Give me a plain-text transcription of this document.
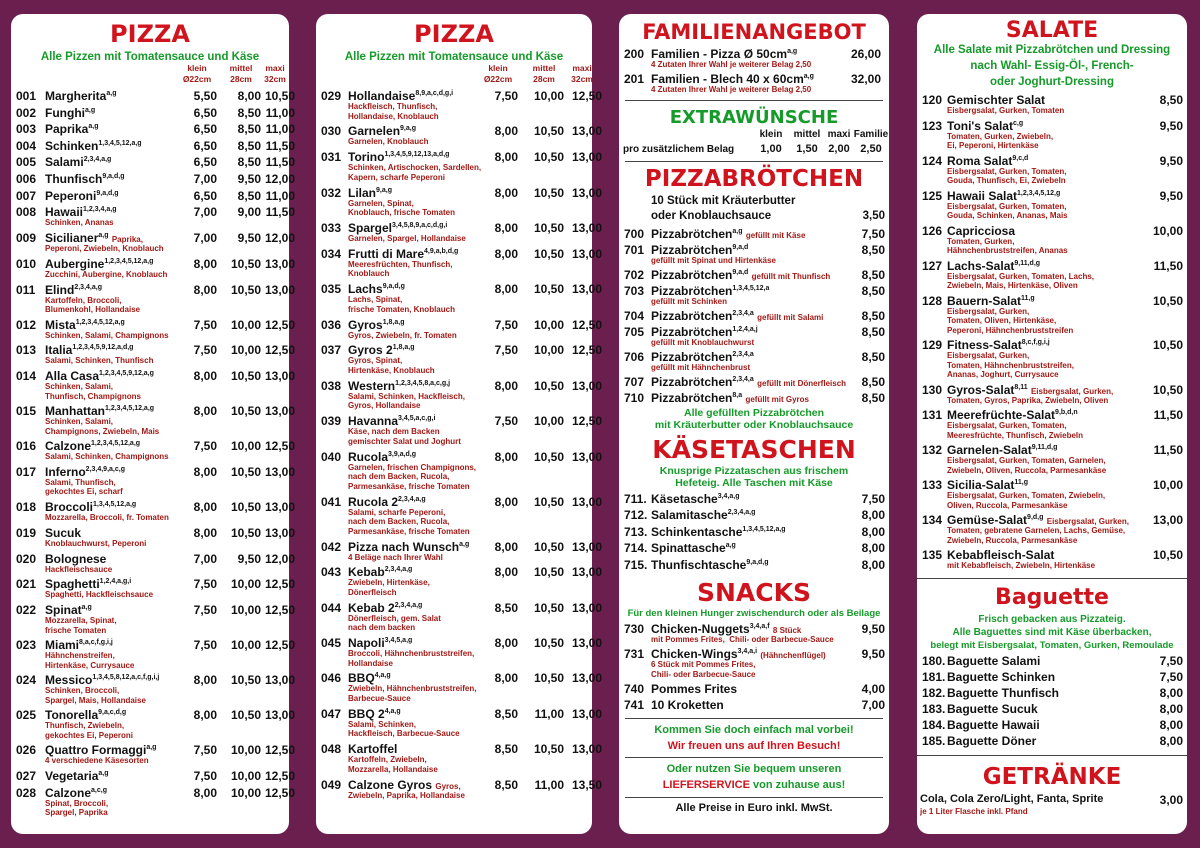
PIZZA
Alle Pizzen mit Tomatensauce und Käse
klein
Ø22cm
mittel
28cm
maxi
32cm
001 Margherita$^{a,g}$	5,50	8,00 10,50
002 Funghi$^{a,g}$	6,50	8,50 11,00
003 Paprika$^{a,g}$	6,50	8,50 11,00
004 Schinken$^{1,3,4,5,12,a,g}$	6,50	8,50 11,50
005 Salami$^{2,3,4,a,g}$	6,50	8,50 11,50
006 Thunfisch$^{9,a,d,g}$	7,00	9,50 12,00
007 Peperoni$^{9,a,d,g}$	6,50	8,50 11,00
008 Hawaii$^{1,2,3,4,a,g}$	7,00	9,00 11,50
Schinken, Ananas
009 Sicilianer$^{a,g}$ Paprika,	7,00	9,50 12,00
Peperoni, Zwiebeln, Knoblauch
010 Aubergine$^{1,2,3,4,5,12,a,g}$	8,00	10,50 13,00
Zucchini, Aubergine, Knoblauch
011 Elind$^{2,3,4,a,g}$	8,00	10,50 13,00
Kartoffeln, Broccoli,
Blumenkohl, Hollandaise
012 Mista$^{1,2,3,4,5,12,a,g}$	7,50	10,00 12,50
Schinken, Salami, Champignons
013 Italia$^{1,2,3,4,5,9,12,a,d,g}$	7,50	10,00 12,50
Salami, Schinken, Thunfisch
014 Alla Casa$^{1,2,3,4,5,9,12,a,g}$	8,00	10,50 13,00
Schinken, Salami,
Thunfisch, Champignons
015 Manhattan$^{1,2,3,4,5,12,a,g}$	8,00	10,50 13,00
Schinken, Salami,
Champignons, Zwiebeln, Mais
016 Calzone$^{1,2,3,4,5,12,a,g}$	7,50	10,00 12,50
Salami, Schinken, Champignons
017 Inferno$^{2,3,4,9,a,c,g}$	8,00	10,50 13,00
Salami, Thunfisch,
gekochtes Ei, scharf
018 Broccoli$^{1,3,4,5,12,a,g}$	8,00	10,50 13,00
Mozzarella, Broccoli, fr. Tomaten
019 Sucuk	8,00	10,50 13,00
Knoblauchwurst, Peperoni
020 Bolognese	7,00	9,50 12,00
Hackfleischsauce
021 Spaghetti$^{1,2,4,a,g,i}$	7,50	10,00 12,50
Spaghetti, Hackfleischsauce
022 Spinat$^{a,g}$	7,50	10,00 12,50
Mozzarella, Spinat,
frische Tomaten
023 Miami$^{8,a,c,f,g,i,j}$	7,50	10,00 12,50
Hähnchenstreifen,
Hirtenkäse, Currysauce
024 Messico$^{1,3,4,5,8,12,a,c,f,g,i,j}$	8,00	10,50 13,00
Schinken, Broccoli,
Spargel, Mais, Hollandaise
025 Tonorella$^{9,a,c,d,g}$	8,00	10,50 13,00
Thunfisch, Zwiebeln,
gekochtes Ei, Peperoni
026 Quattro Formaggi$^{a,g}$	7,50	10,00 12,50
4 verschiedene Käsesorten
027 Vegetaria$^{a,g}$	7,50	10,00 12,50
028 Calzone$^{a,c,g}$	8,00	10,00 12,50
Spinat, Broccoli,
Spargel, Paprika
PIZZA
Alle Pizzen mit Tomatensauce und Käse
klein
Ø22cm
mittel
28cm
maxi
32cm
029 Hollandaise$^{8,9,a,c,d,g,i}$	7,50	10,00 12,50
Hackfleisch, Thunfisch,
Hollandaise, Knoblauch
030 Garnelen$^{9,a,g}$	8,00	10,50 13,00
Garnelen, Knoblauch
031 Torino$^{1,3,4,5,9,12,13,a,d,g}$	8,00	10,50 13,00
Schinken, Artischocken, Sardellen,
Kapern, scharfe Peperoni
032 Lilan$^{9,a,g}$	8,00	10,50 13,00
Garnelen, Spinat,
Knoblauch, frische Tomaten
033 Spargel$^{3,4,5,8,9,a,c,d,g,i}$	8,00	10,50 13,00
Garnelen, Spargel, Hollandaise
034 Frutti di Mare$^{4,9,a,b,d,g}$	8,00	10,50 13,00
Meeresfrüchten, Thunfisch,
Knoblauch
035 Lachs$^{9,a,d,g}$	8,00	10,50 13,00
Lachs, Spinat,
frische Tomaten, Knoblauch
036 Gyros$^{1,8,a,g}$	7,50	10,00 12,50
Gyros, Zwiebeln, fr. Tomaten
037 Gyros 2$^{1,8,a,g}$	7,50	10,00 12,50
Gyros, Spinat,
Hirtenkäse, Knoblauch
038 Western$^{1,2,3,4,5,8,a,c,g,j}$	8,00	10,50 13,00
Salami, Schinken, Hackfleisch,
Gyros, Hollandaise
039 Havanna$^{3,4,5,a,c,g,i}$	7,50	10,00 12,50
Käse, nach dem Backen
gemischter Salat und Joghurt
040 Rucola$^{3,9,a,d,g}$	8,00	10,50 13,00
Garnelen, frischen Champignons,
nach dem Backen, Rucola,
Parmesankäse, frische Tomaten
041 Rucola 2$^{2,3,4,a,g}$	8,00	10,50 13,00
Salami, scharfe Peperoni,
nach dem Backen, Rucola,
Parmesankäse, frische Tomaten
042 Pizza nach Wunsch$^{a,g}$	8,00	10,50 13,00
4 Beläge nach Ihrer Wahl
043 Kebab$^{2,3,4,a,g}$	8,00	10,50 13,00
Zwiebeln, Hirtenkäse,
Dönerfleisch
044 Kebab 2$^{2,3,4,a,g}$	8,50	10,50 13,00
Dönerfleisch, gem. Salat
nach dem backen
045 Napoli$^{3,4,5,a,g}$	8,00	10,50 13,00
Broccoli, Hähnchenbruststreifen,
Hollandaise
046 BBQ$^{4,a,g}$	8,00	10,50 13,00
Zwiebeln, Hähnchenbruststreifen,
Barbecue-Sauce
047 BBQ 2$^{4,a,g}$	8,50	11,00 13,00
Salami, Schinken,
Hackfleisch, Barbecue-Sauce
048 Kartoffel	8,50	10,50 13,00
Kartoffeln, Zwiebeln,
Mozzarella, Hollandaise
049 Calzone Gyros Gyros,	8,50	11,00 13,50
Zwiebeln, Paprika, Hollandaise
FAMILIENANGEBOT
200 Familien - Pizza Ø 50cm$^{a,g}$	26,00
4 Zutaten Ihrer Wahl je weiterer Belag 2,50
201 Familien - Blech 40 x 60cm$^{a,g}$	32,00
4 Zutaten Ihrer Wahl je weiterer Belag 2,50
EXTRAWÜNSCHE
klein	mittel maxi Familie
pro zusätzlichem Belag	1,00	1,50 2,00 2,50
PIZZABRÖTCHEN
10 Stück mit Kräuterbutter
oder Knoblauchsauce	3,50
700 Pizzabrötchen$^{a,g}$ gefüllt mit Käse	7,50
701 Pizzabrötchen$^{9,a,d}$	8,50
gefüllt mit Spinat und Hirtenkäse
702 Pizzabrötchen$^{9,a,d}$ gefüllt mit Thunfisch	8,50
703 Pizzabrötchen$^{1,3,4,5,12,a}$	8,50
gefüllt mit Schinken
704 Pizzabrötchen$^{2,3,4,a}$ gefüllt mit Salami	8,50
705 Pizzabrötchen$^{1,2,4,a,j}$	8,50
gefüllt mit Knoblauchwurst
706 Pizzabrötchen$^{2,3,4,a}$	8,50
gefüllt mit Hähnchenbrust
707 Pizzabrötchen$^{2,3,4,a}$ gefüllt mit Dönerfleisch	8,50
710 Pizzabrötchen$^{8,a}$ gefüllt mit Gyros	8,50
Alle gefüllten Pizzabrötchen
mit Kräuterbutter oder Knoblauchsauce
KÄSETASCHEN
Knusprige Pizzataschen aus frischem
Hefeteig. Alle Taschen mit Käse
711. Käsetasche$^{3,4,a,g}$	7,50
712. Salamitasche$^{2,3,4,a,g}$	8,00
713. Schinkentasche$^{1,3,4,5,12,a,g}$	8,00
714. Spinattasche$^{a,g}$	8,00
715. Thunfischtasche$^{9,a,d,g}$	8,00
SNACKS
Für den kleinen Hunger zwischendurch oder als Beilage
730 Chicken-Nuggets$^{3,4,a,f}$ 8 Stück	9,50
mit Pommes Frites,  Chili- oder Barbecue-Sauce
731 Chicken-Wings$^{3,4,a,i}$ (Hähnchenflügel)	9,50
6 Stück mit Pommes Frites,
Chili- oder Barbecue-Sauce
740 Pommes Frites	4,00
741 10 Kroketten	7,00
Kommen Sie doch einfach mal vorbei!
Wir freuen uns auf Ihren Besuch!
Oder nutzen Sie bequem unseren
LIEFERSERVICE von zuhause aus!
Alle Preise in Euro inkl. MwSt.
SALATE
Alle Salate mit Pizzabrötchen und Dressing
nach Wahl- Essig-Öl-, French-
oder Joghurt-Dressing
120 Gemischter Salat	8,50
Eisbergsalat, Gurken, Tomaten
123 Toni's Salat$^{c,g}$	9,50
Tomaten, Gurken, Zwiebeln,
Ei, Peperoni, Hirtenkäse
124 Roma Salat$^{9,c,d}$	9,50
Eisbergsalat, Gurken, Tomaten,
Gouda, Thunfisch, Ei, Zwiebeln
125 Hawaii Salat$^{1,2,3,4,5,12,g}$	9,50
Eisbergsalat, Gurken, Tomaten,
Gouda, Schinken, Ananas, Mais
126 Capricciosa	10,00
Tomaten, Gurken,
Hähnchenbruststreifen, Ananas
127 Lachs-Salat$^{9,11,d,g}$	11,50
Eisbergsalat, Gurken, Tomaten, Lachs,
Zwiebeln, Mais, Hirtenkäse, Oliven
128 Bauern-Salat$^{11,g}$	10,50
Eisbergsalat, Gurken,
Tomaten, Oliven, Hirtenkäse,
Peperoni, Hähnchenbruststreifen
129 Fitness-Salat$^{8,c,f,g,i,j}$	10,50
Eisbergsalat, Gurken,
Tomaten, Hähnchenbruststreifen,
Ananas, Joghurt, Currysauce
130 Gyros-Salat$^{8,11}$ Eisbergsalat, Gurken,	10,50
Tomaten, Gyros, Paprika, Zwiebeln, Oliven
131 Meerefrüchte-Salat$^{9,b,d,n}$	11,50
Eisbergsalat, Gurken, Tomaten,
Meeresfrüchte, Thunfisch, Zwiebeln
132 Garnelen-Salat$^{9,11,d,g}$	11,50
Eisbergsalat, Gurken, Tomaten, Garnelen,
Zwiebeln, Oliven, Ruccola, Parmesankäse
133 Sicilia-Salat$^{11,g}$	10,00
Eisbergsalat, Gurken, Tomaten, Zwiebeln,
Oliven, Ruccola, Parmesankäse
134 Gemüse-Salat$^{9,d,g}$ Eisbergsalat, Gurken,	13,00
Tomaten, gebratene Garnelen, Lachs, Gemüse,
Zwiebeln, Ruccola, Parmesankäse
135 Kebabfleisch-Salat	10,50
mit Kebabfleisch, Zwiebeln, Hirtenkäse
Baguette
Frisch gebacken aus Pizzateig.
Alle Baguettes sind mit Käse überbacken,
belegt mit Eisbergsalat, Tomaten, Gurken, Remoulade
180. Baguette Salami	7,50
181. Baguette Schinken	7,50
182. Baguette Thunfisch	8,00
183. Baguette Sucuk	8,00
184. Baguette Hawaii	8,00
185. Baguette Döner	8,00
GETRÄNKE
Cola, Cola Zero/Light, Fanta, Sprite	3,00
je 1 Liter Flasche inkl. Pfand
